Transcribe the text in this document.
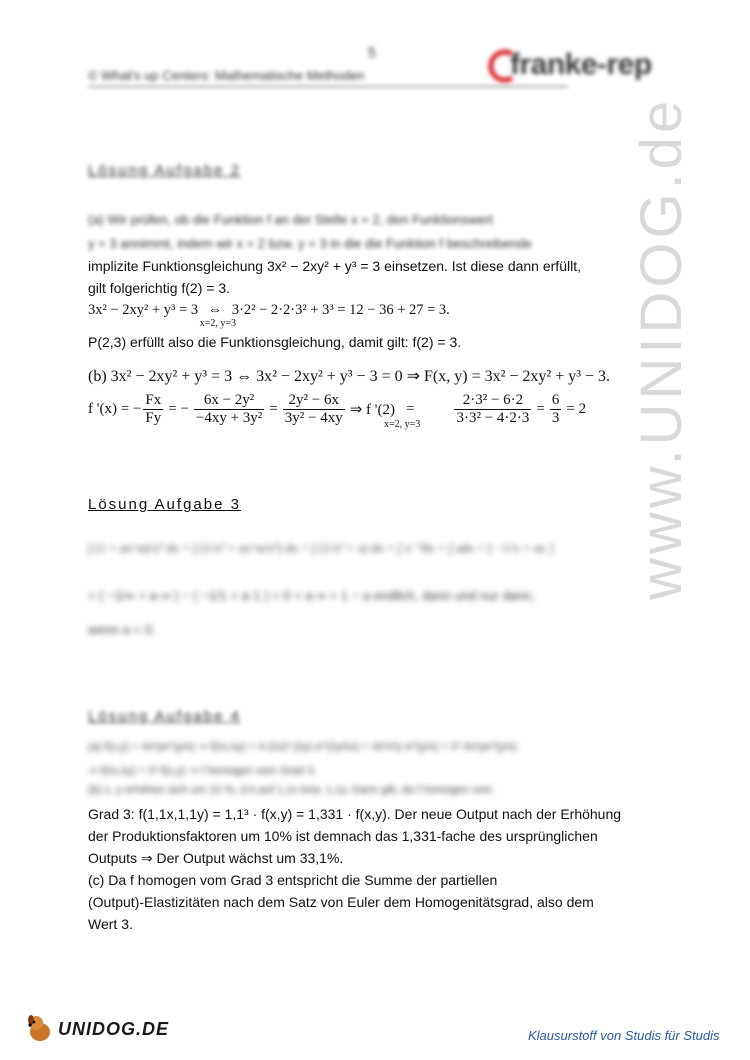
5
© What's up Centers: Mathematische Methoden	franke-rep
www.UNIDOG.de
Lösung Aufgabe 2
(a) Wir prüfen, ob die Funktion f an der Stelle x = 2, den Funktionswert
y = 3 annimmt, indem wir x = 2 bzw. y = 3 in die die Funktion f beschreibende
implizite Funktionsgleichung 3x² − 2xy² + y³ = 3 einsetzen. Ist diese dann erfüllt,
gilt folgerichtig f(2) = 3.
3x² − 2xy² + y³ = 3 ⇔
x=2, y=3
3·2² − 2·2·3² + 3³ = 12 − 36 + 27 = 3.
P(2,3) erfüllt also die Funktionsgleichung, damit gilt: f(2) = 3.
(b) 3x² − 2xy² + y³ = 3 ⇔ 3x² − 2xy² + y³ − 3 = 0 ⇒ F(x, y) = 3x² − 2xy² + y³ − 3.
f '(x) = − $\frac{Fx}{Fy}$ = − $\frac{\text{6x − 2y²}}{\text{−4xy + 3y²}} = \frac{\text{2y² − 6x}}{\text{3y² − 4xy}}$ ⇒ f '(2) =
x=2, $y=3 \frac{\text{2·3² − 6·2}}{\text{3·3² − 4·2·3}} = \frac{6}{3} = 2$
Lösung Aufgabe 3
∫ (1 + ax^α)/x² dx = ∫ (1/x² + ax^α/x²) dx = ∫ (1/x² + a) dx = ∫ x⁻²dx + ∫ adx = [ −1/x + ax ]
= ( −1/∞ + a·∞ ) − ( −1/1 + a·1 ) = 0 + a·∞ + 1 − a endlich, dann und nur dann,
wenn a = 0.
Lösung Aufgabe 4
(a) f(x,y) = 4x²ye^(y/x) ⇒ f(λx,λy) = 4·(λx)²·(λy)·e^(λy/λx) = 4λ³x²y·e^(y/x) = λ³·4x²ye^(y/x)
⇒ f(λx,λy) = λ³·f(x,y) ⇒ f homogen vom Grad 3.
(b) x, y erhöhen sich um 10 %, d.h.auf 1,1x bzw. 1,1y. Dann gilt, da f homogen vom
Grad 3: f(1,1x,1,1y) = 1,1³ · f(x,y) = 1,331 · f(x,y). Der neue Output nach der Erhöhung
der Produktionsfaktoren um 10% ist demnach das 1,331-fache des ursprünglichen
Outputs ⇒ Der Output wächst um 33,1%.
(c) Da f homogen vom Grad 3 entspricht die Summe der partiellen
(Output)-Elastizitäten nach dem Satz von Euler dem Homogenitätsgrad, also dem
Wert 3.
UNIDOG.DE	Klausurstoff von Studis für Studis
